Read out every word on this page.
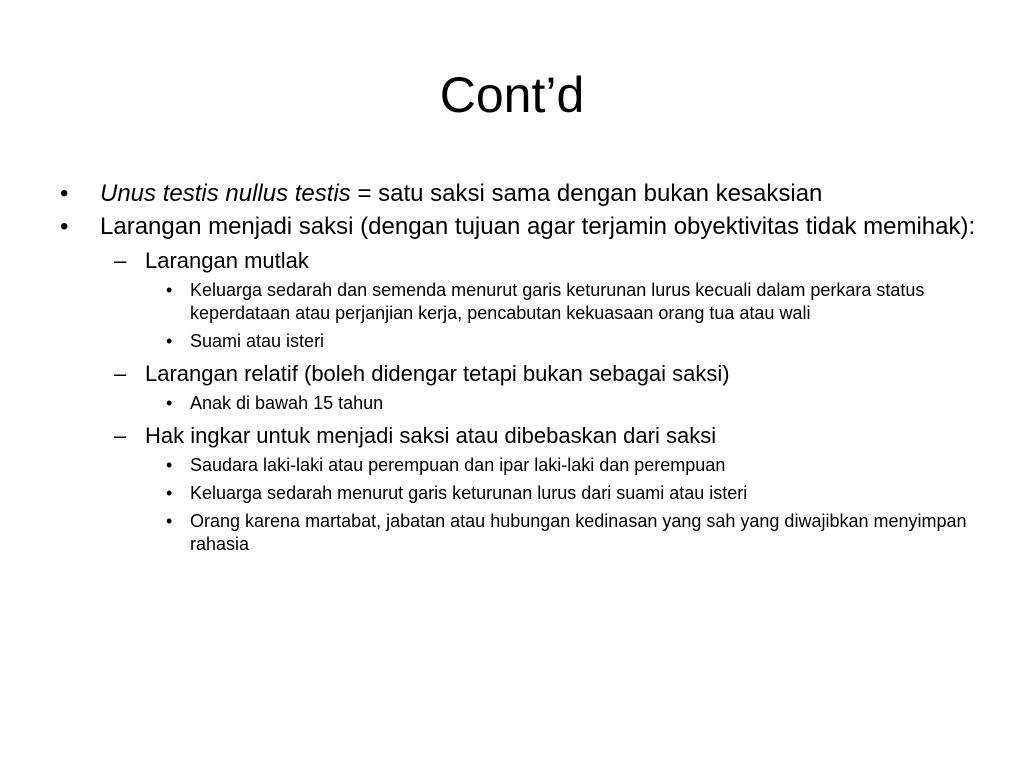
Cont’d
•	Unus testis nullus testis = satu saksi sama dengan bukan kesaksian
•	Larangan menjadi saksi (dengan tujuan agar terjamin obyektivitas tidak memihak):
– Larangan mutlak
• Keluarga sedarah dan semenda menurut garis keturunan lurus kecuali dalam perkara status keperdataan atau perjanjian kerja, pencabutan kekuasaan orang tua atau wali
• Suami atau isteri
– Larangan relatif (boleh didengar tetapi bukan sebagai saksi)
• Anak di bawah 15 tahun
– Hak ingkar untuk menjadi saksi atau dibebaskan dari saksi
• Saudara laki-laki atau perempuan dan ipar laki-laki dan perempuan
• Keluarga sedarah menurut garis keturunan lurus dari suami atau isteri
• Orang karena martabat, jabatan atau hubungan kedinasan yang sah yang diwajibkan menyimpan rahasia
